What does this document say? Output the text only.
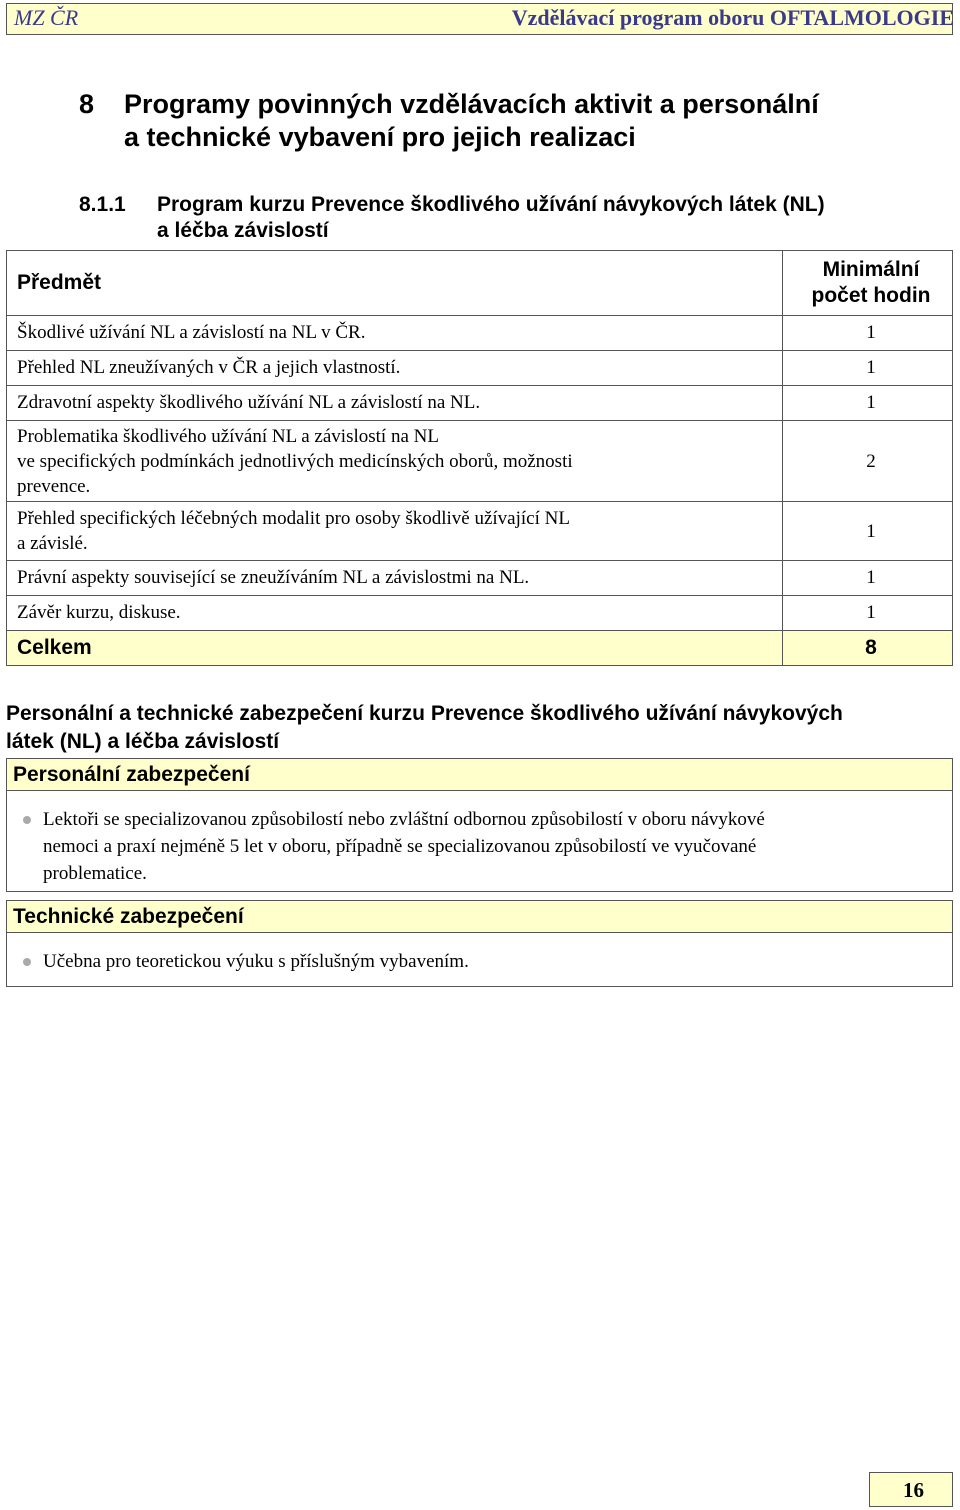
MZ ČR	Vzdělávací program oboru OFTALMOLOGIE
8 Programy povinných vzdělávacích aktivit a personální
a technické vybavení pro jejich realizaci
8.1.1 Program kurzu Prevence škodlivého užívání návykových látek (NL)
a léčba závislostí
Předmět	Minimální
počet hodin

Škodlivé užívání NL a závislostí na NL v ČR.	1
Přehled NL zneužívaných v ČR a jejich vlastností.	1
Zdravotní aspekty škodlivého užívání NL a závislostí na NL.	1

Problematika škodlivého užívání NL a závislostí na NL
ve specifických podmínkách jednotlivých medicínských oborů, možnosti
prevence.	2

Přehled specifických léčebných modalit pro osoby škodlivě užívající NL
a závislé.	1
Právní aspekty související se zneužíváním NL a závislostmi na NL.	1
Závěr kurzu, diskuse.	1
Celkem	8
Personální a technické zabezpečení kurzu Prevence škodlivého užívání návykových
látek (NL) a léčba závislostí
Personální zabezpečení
Lektoři se specializovanou způsobilostí nebo zvláštní odbornou způsobilostí v oboru návykové
nemoci a praxí nejméně 5 let v oboru, případně se specializovanou způsobilostí ve vyučované
problematice.
Technické zabezpečení
Učebna pro teoretickou výuku s příslušným vybavením.
16
